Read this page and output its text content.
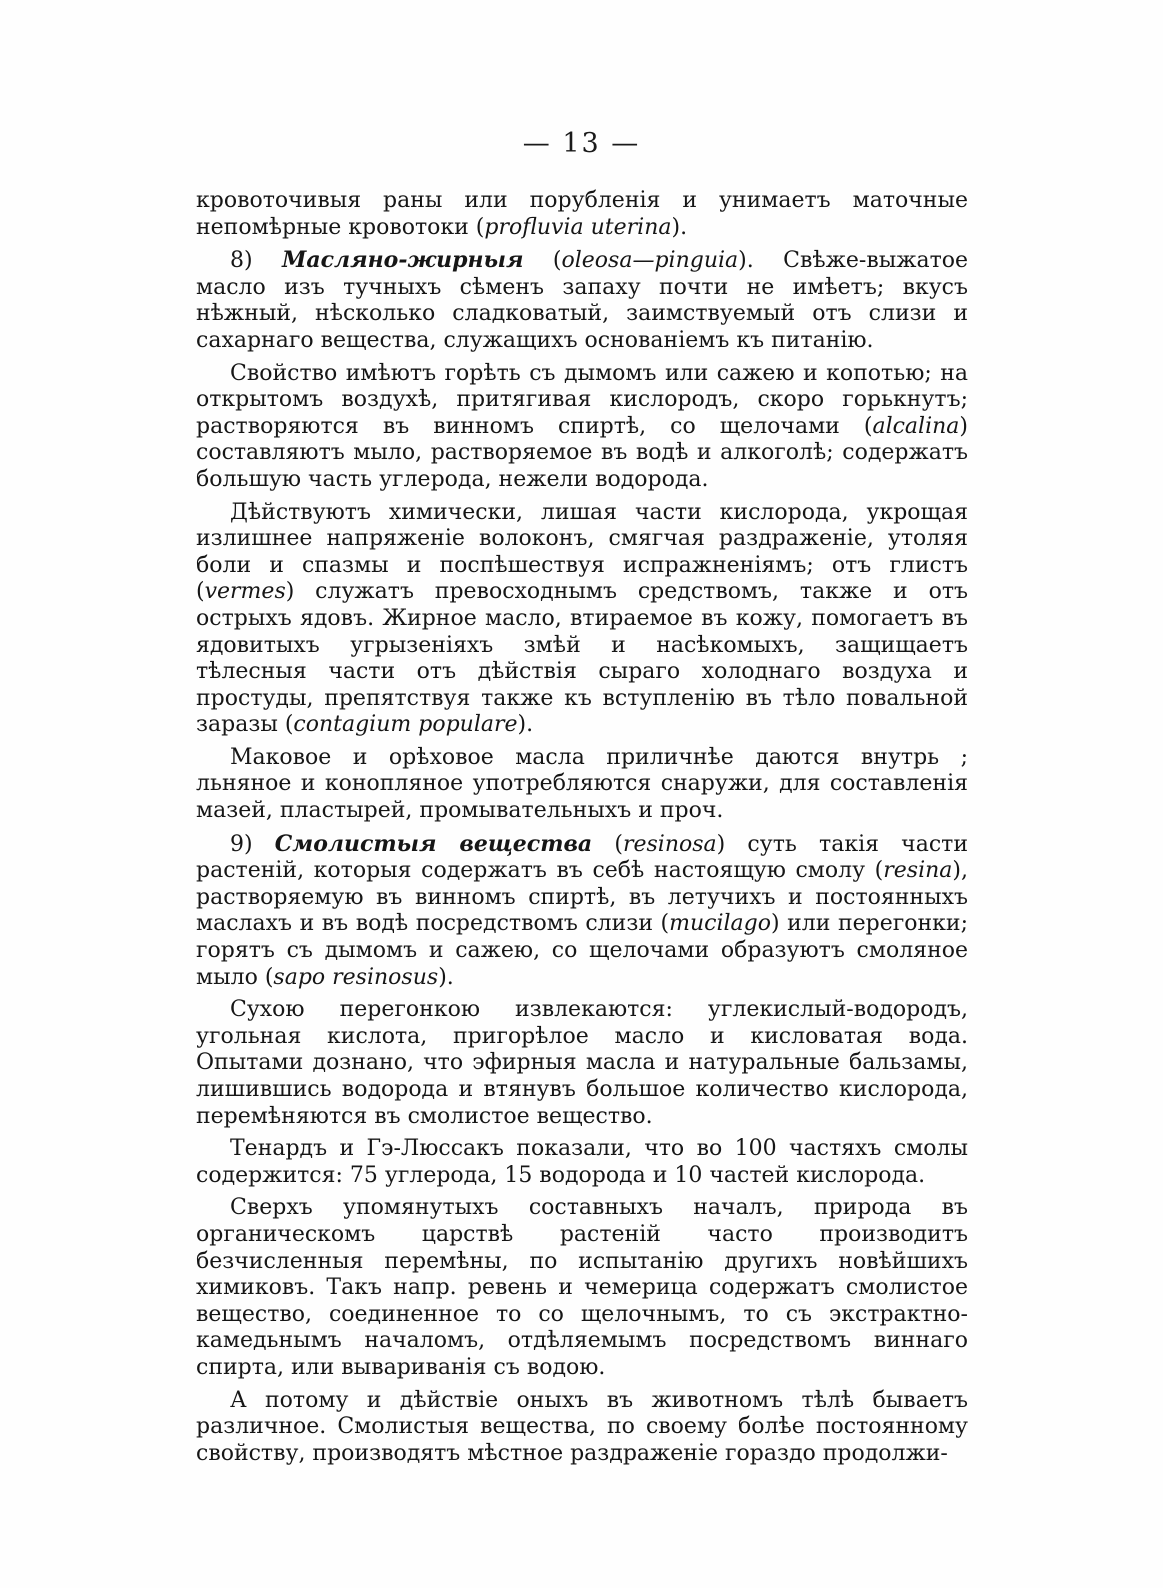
— 13 —

кровоточивыя раны или порубленія и унимаетъ маточные непомѣрные кровотоки (profluvia uterina).

8) Масляно-жирныя (oleosa—pinguia). Свѣже-выжатое масло изъ тучныхъ сѣменъ запаху почти не имѣетъ; вкусъ нѣжный, нѣсколько сладковатый, заимствуемый отъ слизи и сахарнаго вещества, служащихъ основаніемъ къ питанію.

Свойство имѣютъ горѣть съ дымомъ или сажею и копотью; на открытомъ воздухѣ, притягивая кислородъ, скоро горькнутъ; растворяются въ винномъ спиртѣ, со щелочами (alcalina) составляютъ мыло, растворяемое въ водѣ и алкоголѣ; содержатъ большую часть углерода, нежели водорода.

Дѣйствуютъ химически, лишая части кислорода, укрощая излишнее напряженіе волоконъ, смягчая раздраженіе, утоляя боли и спазмы и поспѣшествуя испражненіямъ; отъ глистъ (vermes) служатъ превосходнымъ средствомъ, также и отъ острыхъ ядовъ. Жирное масло, втираемое въ кожу, помогаетъ въ ядовитыхъ угрызеніяхъ змѣй и насѣкомыхъ, защищаетъ тѣлесныя части отъ дѣйствія сыраго холоднаго воздуха и простуды, препятствуя также къ вступленію въ тѣло повальной заразы (contagium populare).

Маковое и орѣховое масла приличнѣе даются внутрь ; льняное и конопляное употребляются снаружи, для составленія мазей, пластырей, промывательныхъ и проч.

9) Смолистыя вещества (resinosa) суть такія части растеній, которыя содержатъ въ себѣ настоящую смолу (resina), растворяемую въ винномъ спиртѣ, въ летучихъ и постоянныхъ маслахъ и въ водѣ посредствомъ слизи (mucilago) или перегонки; горятъ съ дымомъ и сажею, со щелочами образуютъ смоляное мыло (sapo resinosus).

Сухою перегонкою извлекаются: углекислый-водородъ, угольная кислота, пригорѣлое масло и кисловатая вода. Опытами дознано, что эфирныя масла и натуральные бальзамы, лишившись водорода и втянувъ большое количество кислорода, перемѣняются въ смолистое вещество.

Тенардъ и Гэ-Люссакъ показали, что во 100 частяхъ смолы содержится: 75 углерода, 15 водорода и 10 частей кислорода.

Сверхъ упомянутыхъ составныхъ началъ, природа въ органическомъ царствѣ растеній часто производитъ безчисленныя перемѣны, по испытанію другихъ новѣйшихъ химиковъ. Такъ напр. ревень и чемерица содержатъ смолистое вещество, соединенное то со щелочнымъ, то съ экстрактно-камедьнымъ началомъ, отдѣляемымъ посредствомъ виннаго спирта, или вывариванія съ водою.

А потому и дѣйствіе оныхъ въ животномъ тѣлѣ бываетъ различное. Смолистыя вещества, по своему болѣе постоянному свойству, производятъ мѣстное раздраженіе гораздо продолжи-
